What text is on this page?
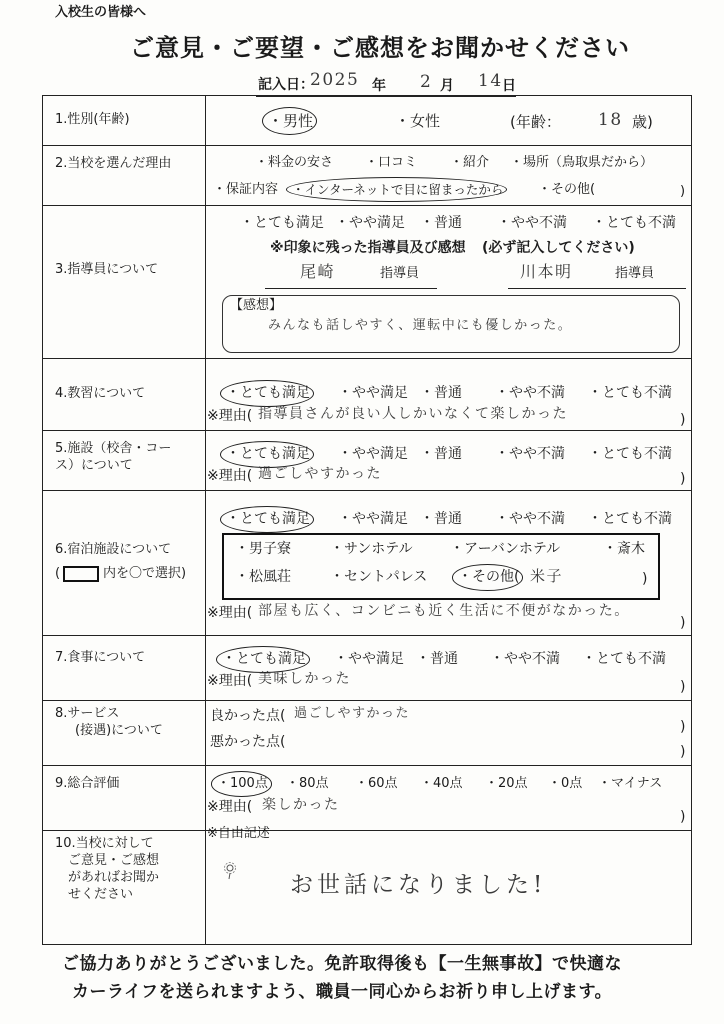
入校生の皆様へ
ご意見・ご要望・ご感想をお聞かせください
記入日：
2025 年 2 月 14 日
1.性別(年齢)	・男性	・女性	(年齢： 18 歳)
2.当校を選んだ理由	・料金の安さ ・口コミ	・紹介 ・場所（鳥取県だから）
・保証内容 ・インターネットで目に留まったから	・その他(	)
3.指導員について
・とても満足 ・やや満足 ・普通	・やや不満 ・とても不満
※印象に残った指導員及び感想 (必ず記入してください)
尾崎	指導員	川本明	指導員
【感想】
みんなも話しやすく、運転中にも優しかった。
4.教習について	・とても満足 ・やや満足 ・普通 ・やや不満 ・とても不満
※理由( 指導員さんが良い人しかいなくて楽しかった	)
5.施設（校舎・コー
ス）について
・とても満足 ・やや満足 ・普通 ・やや不満 ・とても不満
※理由( 過ごしやすかった	)
6.宿泊施設について
(	内を〇で選択)
・とても満足 ・やや満足 ・普通 ・やや不満 ・とても不満
・男子寮	・サンホテル	・アーバンホテル	・斎木
・松風荘	・セントパレス ・その他( 米子	)
※理由( 部屋も広く、コンビニも近く生活に不便がなかった。
)
7.食事について	・とても満足 ・やや満足 ・普通 ・やや不満 ・とても不満
※理由( 美味しかった	)
8.サービス
(接遇)について
良かった点( 過ごしやすかった
)
悪かった点(
)
9.総合評価	・100点 ・80点 ・60点 ・40点 ・20点 ・0点 ・マイナス
※理由( 楽しかった
)
10.当校に対して
ご意見・ご感想
があればお聞か
せください
※自由記述
お世話になりました!
ご協力ありがとうございました。免許取得後も【一生無事故】で快適な
カーライフを送られますよう、職員一同心からお祈り申し上げます。
